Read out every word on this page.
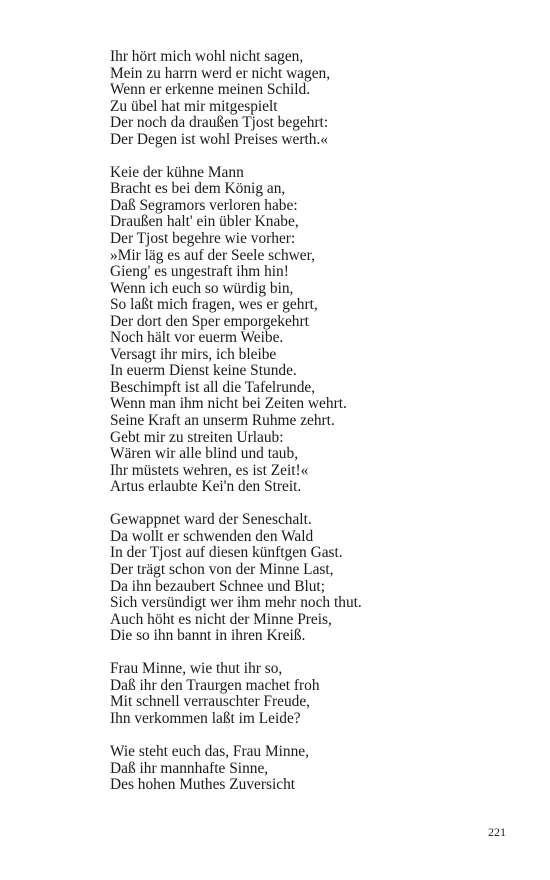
Ihr hört mich wohl nicht sagen,
Mein zu harrn werd er nicht wagen,
Wenn er erkenne meinen Schild.
Zu übel hat mir mitgespielt
Der noch da draußen Tjost begehrt:
Der Degen ist wohl Preises werth.«
Keie der kühne Mann
Bracht es bei dem König an,
Daß Segramors verloren habe:
Draußen halt' ein übler Knabe,
Der Tjost begehre wie vorher:
»Mir läg es auf der Seele schwer,
Gieng' es ungestraft ihm hin!
Wenn ich euch so würdig bin,
So laßt mich fragen, wes er gehrt,
Der dort den Sper emporgekehrt
Noch hält vor euerm Weibe.
Versagt ihr mirs, ich bleibe
In euerm Dienst keine Stunde.
Beschimpft ist all die Tafelrunde,
Wenn man ihm nicht bei Zeiten wehrt.
Seine Kraft an unserm Ruhme zehrt.
Gebt mir zu streiten Urlaub:
Wären wir alle blind und taub,
Ihr müstets wehren, es ist Zeit!«
Artus erlaubte Kei'n den Streit.
Gewappnet ward der Seneschalt.
Da wollt er schwenden den Wald
In der Tjost auf diesen künftgen Gast.
Der trägt schon von der Minne Last,
Da ihn bezaubert Schnee und Blut;
Sich versündigt wer ihm mehr noch thut.
Auch höht es nicht der Minne Preis,
Die so ihn bannt in ihren Kreiß.
Frau Minne, wie thut ihr so,
Daß ihr den Traurgen machet froh
Mit schnell verrauschter Freude,
Ihn verkommen laßt im Leide?
Wie steht euch das, Frau Minne,
Daß ihr mannhafte Sinne,
Des hohen Muthes Zuversicht
221
